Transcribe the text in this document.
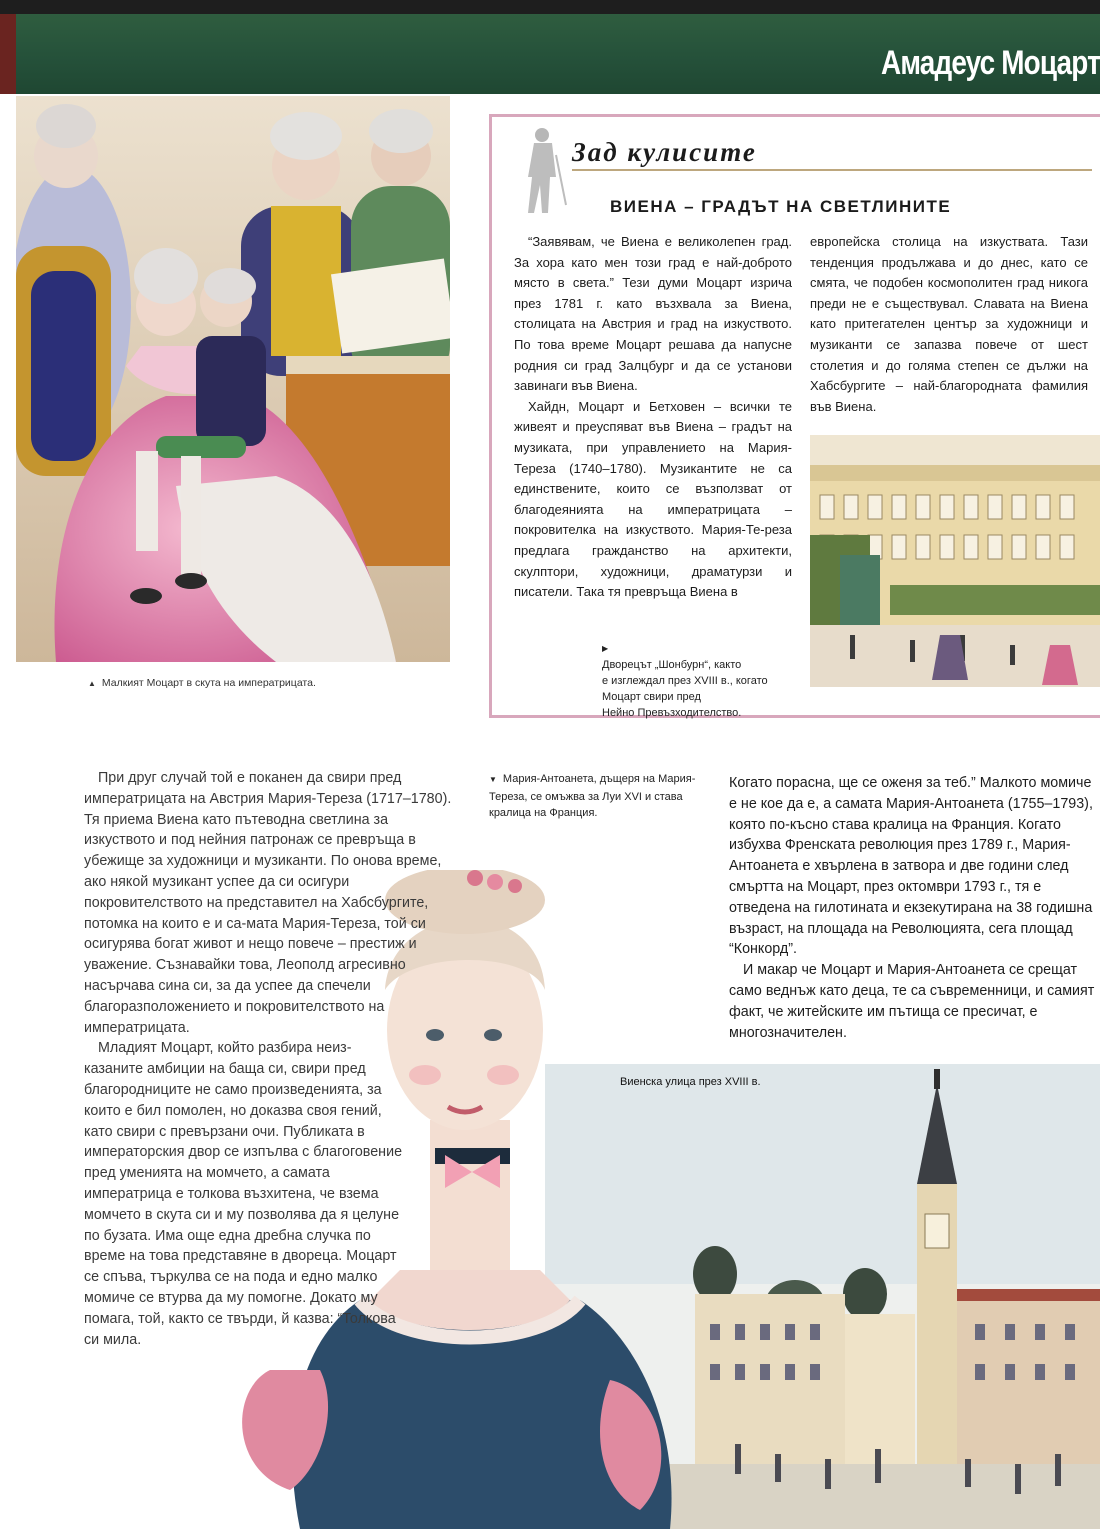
Амадеус Моцарт
▲ Малкият Моцарт в скута на императрицата.
Зад кулисите
ВИЕНА – ГРАДЪТ НА СВЕТЛИНИТЕ

“Заявявам, че Виена е великолепен град. За хора като мен този град е най-доброто място в света.” Тези думи Моцарт изрича през 1781 г. като възхвала за Виена, столицата на Австрия и град на изкуството. По това време Моцарт решава да напусне родния си град Залцбург и да се установи завинаги във Виена.

Хайдн, Моцарт и Бетховен – всички те живеят и преуспяват във Виена – градът на музиката, при управлението на Мария-Тереза (1740–1780). Музикантите не са единствените, които се възползват от благодеянията на императрицата – покровителка на изкуството. Мария-Те-реза предлага гражданство на архитекти, скулптори, художници, драматурзи и писатели. Така тя превръща Виена в

европейска столица на изкуствата. Тази тенденция продължава и до днес, като се смята, че подобен космополитен град никога преди не е съществувал. Славата на Виена като притегателен център за художници и музиканти се запазва повече от шест столетия и до голяма степен се дължи на Хабсбургите – най-благородната фамилия във Виена.

▶
Дворецът „Шонбурн“, както
е изглеждал през XVIII в., когато
Моцарт свири пред
Нейно Превъзходителство.

При друг случай той е поканен да свири пред императрицата на Австрия Мария-Тереза (1717–1780). Тя приема Виена като пътеводна светлина за изкуството и под нейния патронаж се превръща в убежище за художници и музиканти. По онова време, ако някой музикант успее да си осигури покровителството на представител на Хабсбургите, потомка на които е и са-мата Мария-Тереза, той си осигурява богат живот и нещо повече – престиж и уважение. Съзнавайки това, Леополд агресивно насърчава сина си, за да успее да спечели благоразположението и покровителството на императрицата.

Младият Моцарт, който разбира неиз-казаните амбиции на баща си, свири пред благородниците не само произведенията, за които е бил помолен, но доказва своя гений, като свири с превързани очи. Публиката в императорския двор се изпълва с благоговение пред уменията на момчето, а самата императрица е толкова възхитена, че взема момчето в скута си и му позволява да я целуне по бузата. Има още една дребна случка по време на това представяне в двореца. Моцарт се спъва, търкулва се на пода и едно малко момиче се втурва да му помогне. Докато му помага, той, както се твърди, й казва: “Толкова си мила.

▼ Мария-Антоанета, дъщеря на Мария-Тереза, се омъжва за Луи XVI и става кралица на Франция.

Когато порасна, ще се оженя за теб.” Малкото момиче е не кое да е, а самата Мария-Антоанета (1755–1793), която по-късно става кралица на Франция. Когато избухва Френската революция през 1789 г., Мария-Антоанета е хвърлена в затвора и две години след смъртта на Моцарт, през октомври 1793 г., тя е отведена на гилотината и екзекутирана на 38 годишна възраст, на площада на Революцията, сега площад “Конкорд”.

И макар че Моцарт и Мария-Антоанета се срещат само веднъж като деца, те са съвременници, и самият факт, че житейските им пътища се пресичат, е многозначителен.

Виенска улица през XVIII в.
